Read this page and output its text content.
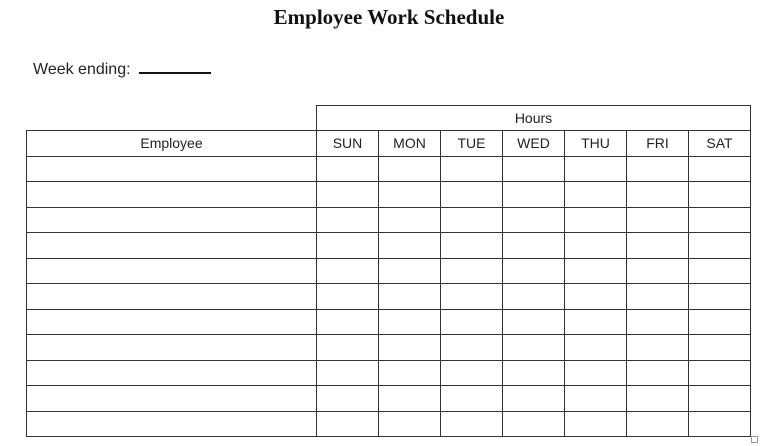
Employee Work Schedule
Week ending:
	Hours						
Employee	SUN	MON	TUE	WED	THU	FRI	SAT
